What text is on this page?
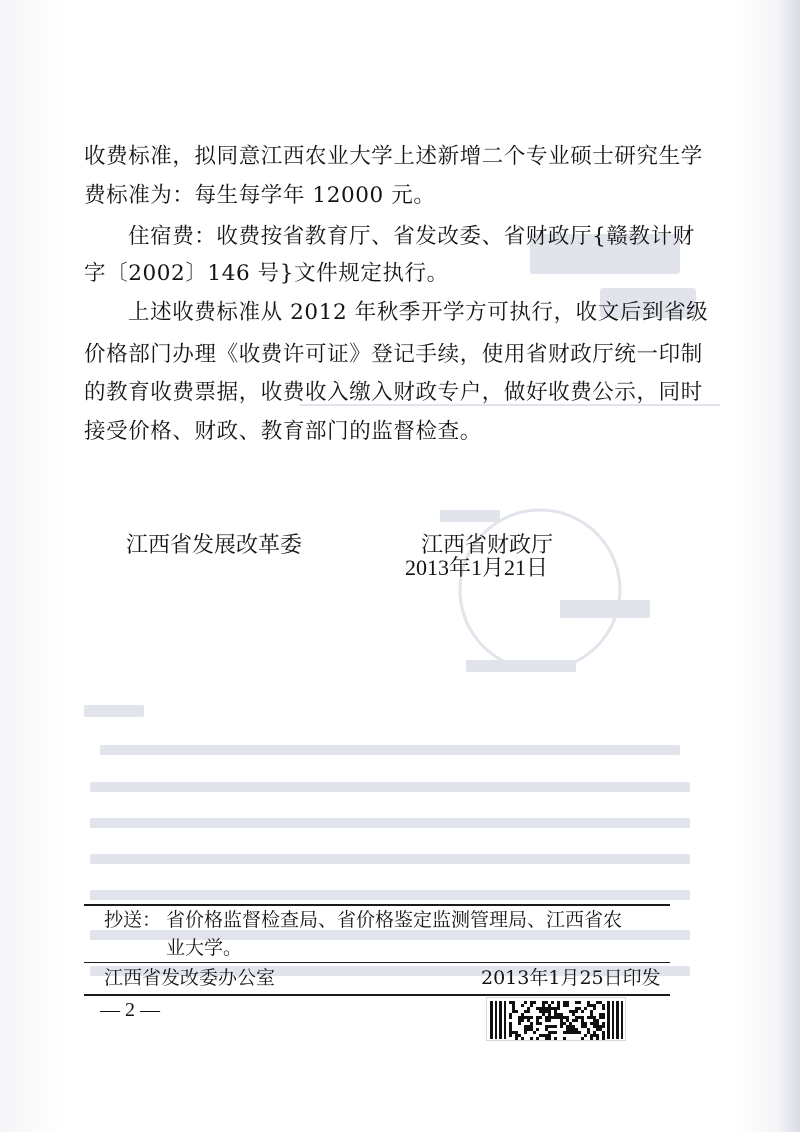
收费标准，拟同意江西农业大学上述新增二个专业硕士研究生学
费标准为：每生每学年 12000 元。
住宿费：收费按省教育厅、省发改委、省财政厅{赣教计财
字〔2002〕146 号}文件规定执行。
上述收费标准从 2012 年秋季开学方可执行，收文后到省级
价格部门办理《收费许可证》登记手续，使用省财政厅统一印制
的教育收费票据，收费收入缴入财政专户，做好收费公示，同时
接受价格、财政、教育部门的监督检查。
江西省发展改革委	江西省财政厅
2013年1月21日
抄送： 省价格监督检查局、省价格鉴定监测管理局、江西省农
业大学。
江西省发改委办公室	2013年1月25日印发
— 2 —
